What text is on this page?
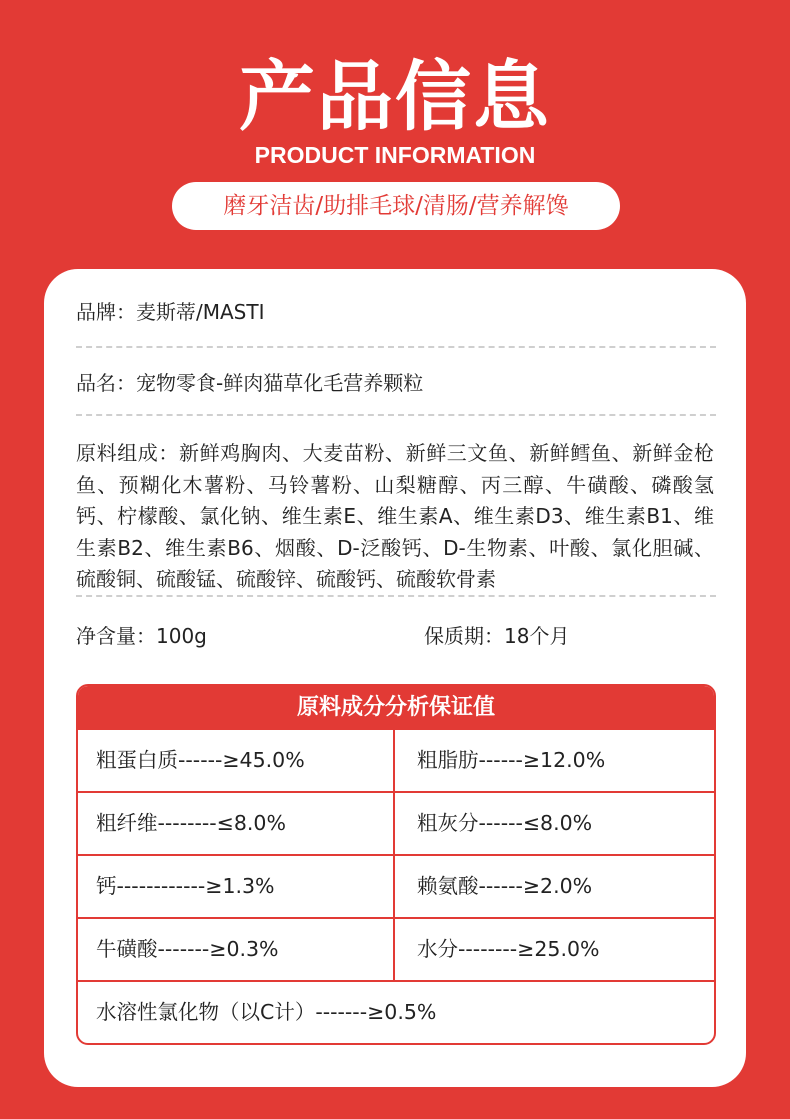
产品信息
PRODUCT INFORMATION
磨牙洁齿/助排毛球/清肠/营养解馋
品牌：麦斯蒂/MASTI
品名：宠物零食-鲜肉猫草化毛营养颗粒
原料组成：新鲜鸡胸肉、大麦苗粉、新鲜三文鱼、新鲜鳕鱼、新鲜金枪鱼、预糊化木薯粉、马铃薯粉、山梨糖醇、丙三醇、牛磺酸、磷酸氢钙、柠檬酸、氯化钠、维生素E、维生素A、维生素D3、维生素B1、维生素B2、维生素B6、烟酸、D-泛酸钙、D-生物素、叶酸、氯化胆碱、硫酸铜、硫酸锰、硫酸锌、硫酸钙、硫酸软骨素
净含量：100g	保质期：18个月
原料成分分析保证值
粗蛋白质------≥45.0%	粗脂肪------≥12.0%
粗纤维--------≤8.0%	粗灰分------≤8.0%
钙------------≥1.3%	赖氨酸------≥2.0%
牛磺酸-------≥0.3%	水分--------≥25.0%
水溶性氯化物（以C计）-------≥0.5%
